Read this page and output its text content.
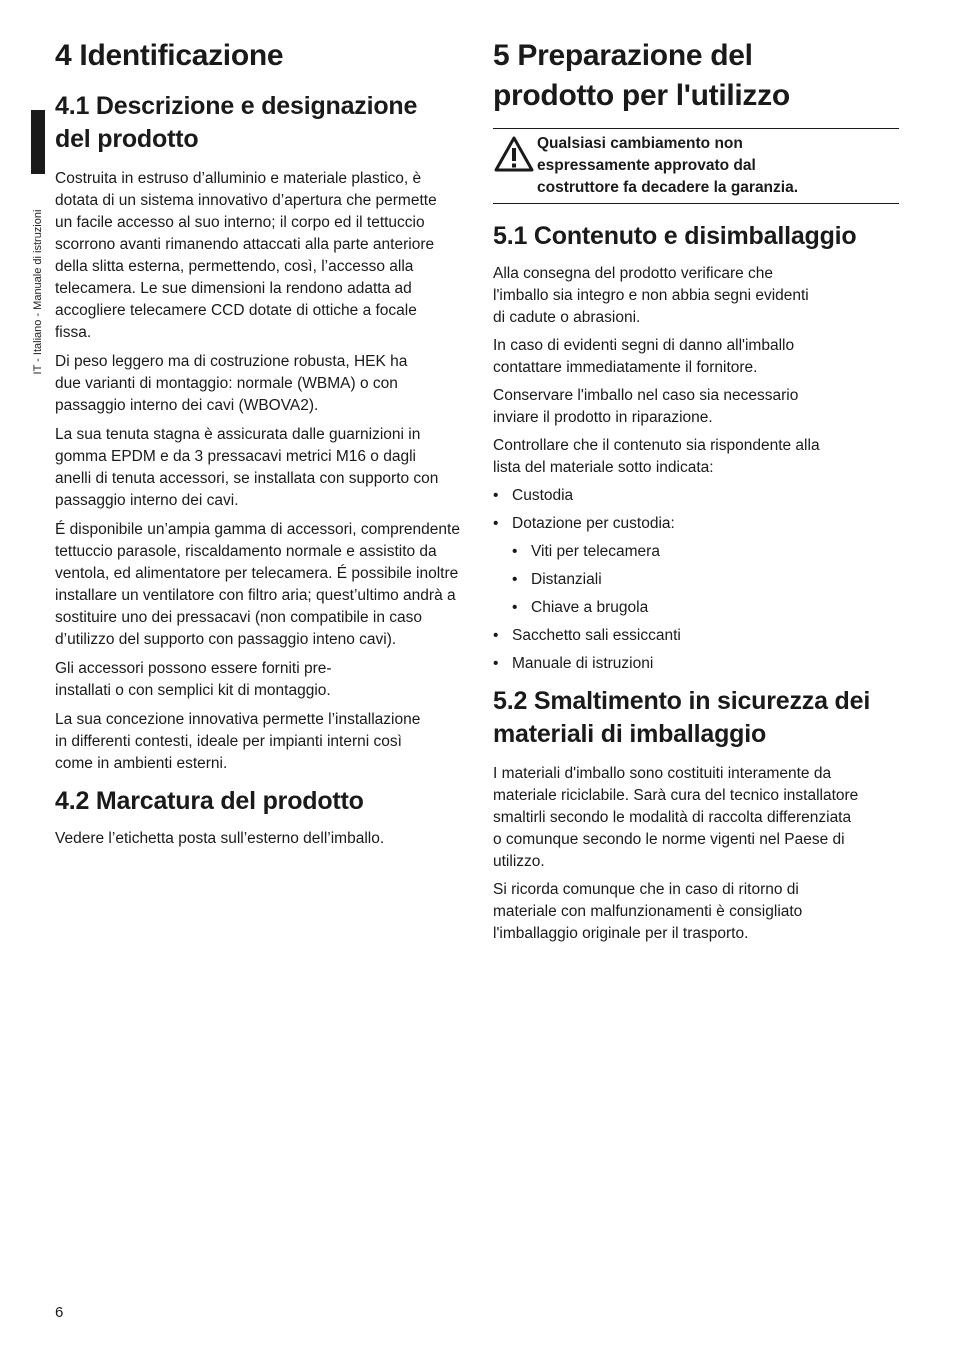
IT - Italiano - Manuale di istruzioni
4 Identificazione
4.1 Descrizione e designazione del prodotto

Costruita in estruso d’alluminio e materiale plastico, è dotata di un sistema innovativo d’apertura che permette un facile accesso al suo interno; il corpo ed il tettuccio scorrono avanti rimanendo attaccati alla parte anteriore della slitta esterna, permettendo, così, l’accesso alla telecamera. Le sue dimensioni la rendono adatta ad accogliere telecamere CCD dotate di ottiche a focale fissa.

Di peso leggero ma di costruzione robusta, HEK ha due varianti di montaggio: normale (WBMA) o con passaggio interno dei cavi (WBOVA2).

La sua tenuta stagna è assicurata dalle guarnizioni in gomma EPDM e da 3 pressacavi metrici M16 o dagli anelli di tenuta accessori, se installata con supporto con passaggio interno dei cavi.

É disponibile un’ampia gamma di accessori, comprendente tettuccio parasole, riscaldamento normale e assistito da ventola, ed alimentatore per telecamera. É possibile inoltre installare un ventilatore con filtro aria; quest’ultimo andrà a sostituire uno dei pressacavi (non compatibile in caso d’utilizzo del supporto con passaggio inteno cavi).

Gli accessori possono essere forniti pre-installati o con semplici kit di montaggio.

La sua concezione innovativa permette l’installazione in differenti contesti, ideale per impianti interni così come in ambienti esterni.

4.2 Marcatura del prodotto

Vedere l’etichetta posta sull’esterno dell’imballo.

5 Preparazione del prodotto per l'utilizzo
Qualsiasi cambiamento non espressamente approvato dal costruttore fa decadere la garanzia.
5.1 Contenuto e disimballaggio

Alla consegna del prodotto verificare che l'imballo sia integro e non abbia segni evidenti di cadute o abrasioni.

In caso di evidenti segni di danno all'imballo contattare immediatamente il fornitore.

Conservare l'imballo nel caso sia necessario inviare il prodotto in riparazione.

Controllare che il contenuto sia rispondente alla lista del materiale sotto indicata:

• Custodia
• Dotazione per custodia:
• Viti per telecamera
• Distanziali
• Chiave a brugola
• Sacchetto sali essiccanti
• Manuale di istruzioni
5.2 Smaltimento in sicurezza dei materiali di imballaggio

I materiali d'imballo sono costituiti interamente da materiale riciclabile. Sarà cura del tecnico installatore smaltirli secondo le modalità di raccolta differenziata o comunque secondo le norme vigenti nel Paese di utilizzo.

Si ricorda comunque che in caso di ritorno di materiale con malfunzionamenti è consigliato l'imballaggio originale per il trasporto.

6
